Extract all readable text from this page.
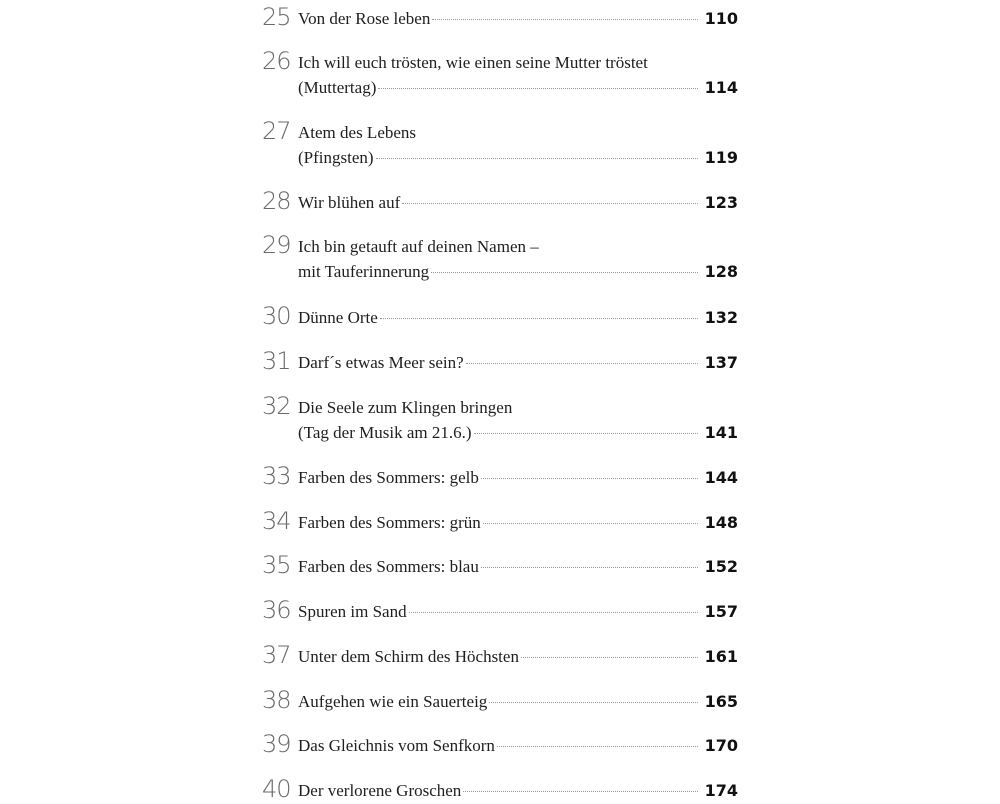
25 Von der Rose leben	110
26 Ich will euch trösten, wie einen seine Mutter tröstet
(Muttertag)	114
27 Atem des Lebens
(Pfingsten)	119
28 Wir blühen auf	123
29 Ich bin getauft auf deinen Namen –
mit Tauferinnerung	128
30 Dünne Orte	132
31 Darf´s etwas Meer sein?	137
32 Die Seele zum Klingen bringen
(Tag der Musik am 21.6.)	141
33 Farben des Sommers: gelb	144
34 Farben des Sommers: grün	148
35 Farben des Sommers: blau	152
36 Spuren im Sand	157
37 Unter dem Schirm des Höchsten	161
38 Aufgehen wie ein Sauerteig	165
39 Das Gleichnis vom Senfkorn	170
40 Der verlorene Groschen	174
